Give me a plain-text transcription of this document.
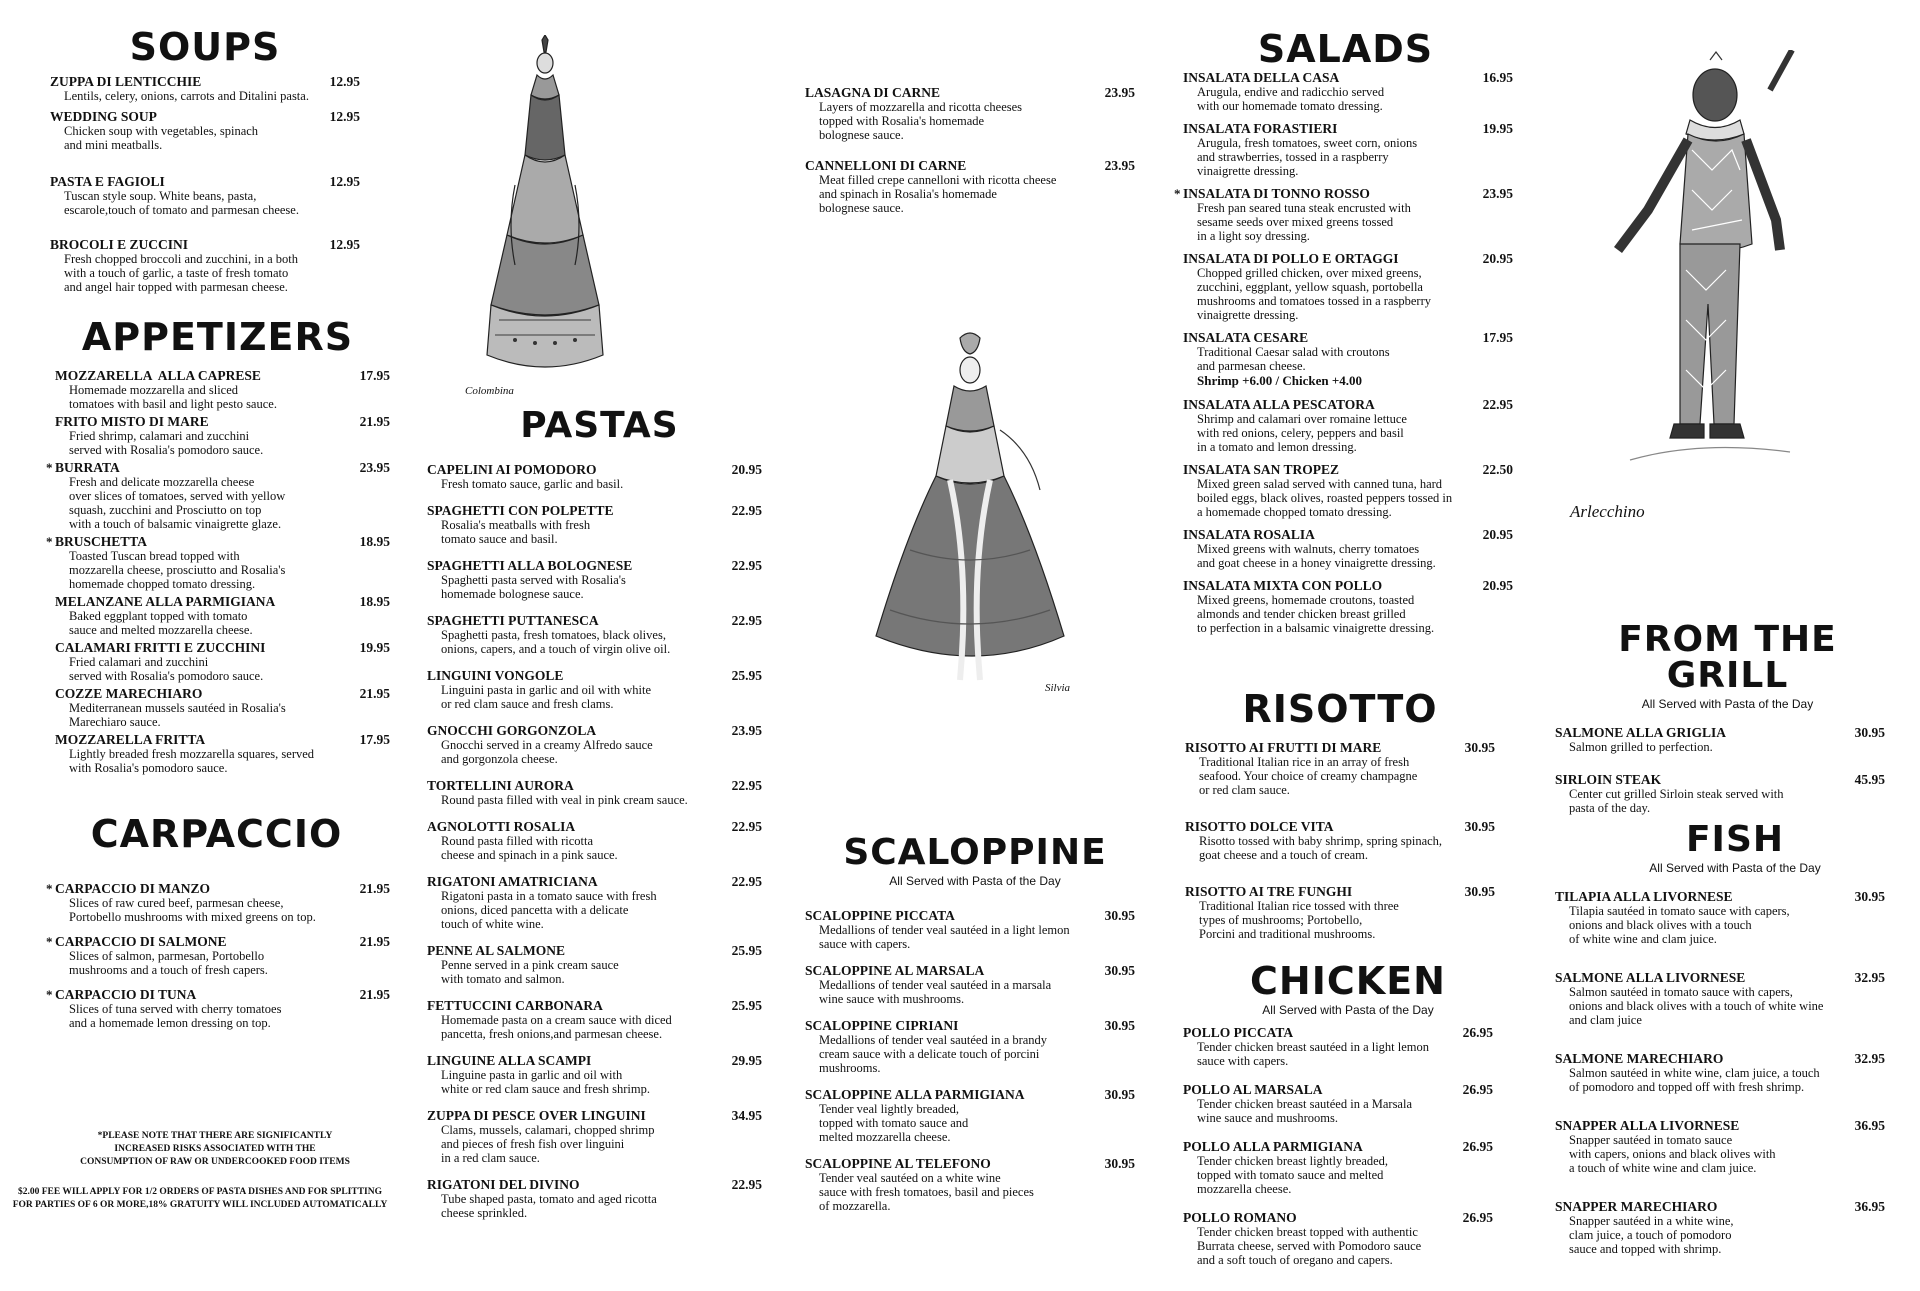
SOUPS
ZUPPA DI LENTICCHIE	12.95
Lentils, celery, onions, carrots and Ditalini pasta.
WEDDING SOUP	12.95
Chicken soup with vegetables, spinach
and mini meatballs.
PASTA E FAGIOLI	12.95
Tuscan style soup. White beans, pasta,
escarole,touch of tomato and parmesan cheese.
BROCOLI E ZUCCINI	12.95
Fresh chopped broccoli and zucchini, in a both
with a touch of garlic, a taste of fresh tomato
and angel hair topped with parmesan cheese.
APPETIZERS
MOZZARELLA  ALLA CAPRESE	17.95
Homemade mozzarella and sliced
tomatoes with basil and light pesto sauce.
FRITO MISTO DI MARE	21.95
Fried shrimp, calamari and zucchini
served with Rosalia's pomodoro sauce.
* BURRATA	23.95
Fresh and delicate mozzarella cheese
over slices of tomatoes, served with yellow
squash, zucchini and Prosciutto on top
with a touch of balsamic vinaigrette glaze.
* BRUSCHETTA	18.95
Toasted Tuscan bread topped with
mozzarella cheese, prosciutto and Rosalia's
homemade chopped tomato dressing.
MELANZANE ALLA PARMIGIANA	18.95
Baked eggplant topped with tomato
sauce and melted mozzarella cheese.
CALAMARI FRITTI E ZUCCHINI	19.95
Fried calamari and zucchini
served with Rosalia's pomodoro sauce.
COZZE MARECHIARO	21.95
Mediterranean mussels sautéed in Rosalia's
Marechiaro sauce.
MOZZARELLA FRITTA	17.95
Lightly breaded fresh mozzarella squares, served
with Rosalia's pomodoro sauce.
CARPACCIO
* CARPACCIO DI MANZO	21.95
Slices of raw cured beef, parmesan cheese,
Portobello mushrooms with mixed greens on top.
* CARPACCIO DI SALMONE	21.95
Slices of salmon, parmesan, Portobello
mushrooms and a touch of fresh capers.
* CARPACCIO DI TUNA	21.95
Slices of tuna served with cherry tomatoes
and a homemade lemon dressing on top.
*PLEASE NOTE THAT THERE ARE SIGNIFICANTLY
INCREASED RISKS ASSOCIATED WITH THE
CONSUMPTION OF RAW OR UNDERCOOKED FOOD ITEMS
$2.00 FEE WILL APPLY FOR 1/2 ORDERS OF PASTA DISHES AND FOR SPLITTING
FOR PARTIES OF 6 OR MORE,18% GRATUITY WILL INCLUDED AUTOMATICALLY
Colombina
PASTAS
CAPELINI AI POMODORO	20.95
Fresh tomato sauce, garlic and basil.
SPAGHETTI CON POLPETTE	22.95
Rosalia's meatballs with fresh
tomato sauce and basil.
SPAGHETTI ALLA BOLOGNESE	22.95
Spaghetti pasta served with Rosalia's
homemade bolognese sauce.
SPAGHETTI PUTTANESCA	22.95
Spaghetti pasta, fresh tomatoes, black olives,
onions, capers, and a touch of virgin olive oil.
LINGUINI VONGOLE	25.95
Linguini pasta in garlic and oil with white
or red clam sauce and fresh clams.
GNOCCHI GORGONZOLA	23.95
Gnocchi served in a creamy Alfredo sauce
and gorgonzola cheese.
TORTELLINI AURORA	22.95
Round pasta filled with veal in pink cream sauce.
AGNOLOTTI ROSALIA	22.95
Round pasta filled with ricotta
cheese and spinach in a pink sauce.
RIGATONI AMATRICIANA	22.95
Rigatoni pasta in a tomato sauce with fresh
onions, diced pancetta with a delicate
touch of white wine.
PENNE AL SALMONE	25.95
Penne served in a pink cream sauce
with tomato and salmon.
FETTUCCINI CARBONARA	25.95
Homemade pasta on a cream sauce with diced
pancetta, fresh onions,and parmesan cheese.
LINGUINE ALLA SCAMPI	29.95
Linguine pasta in garlic and oil with
white or red clam sauce and fresh shrimp.
ZUPPA DI PESCE OVER LINGUINI	34.95
Clams, mussels, calamari, chopped shrimp
and pieces of fresh fish over linguini
in a red clam sauce.
RIGATONI DEL DIVINO	22.95
Tube shaped pasta, tomato and aged ricotta
cheese sprinkled.
LASAGNA DI CARNE	23.95
Layers of mozzarella and ricotta cheeses
topped with Rosalia's homemade
bolognese sauce.
CANNELLONI DI CARNE	23.95
Meat filled crepe cannelloni with ricotta cheese
and spinach in Rosalia's homemade
bolognese sauce.
Silvia
SCALOPPINE
All Served with Pasta of the Day
SCALOPPINE PICCATA	30.95
Medallions of tender veal sautéed in a light lemon
sauce with capers.
SCALOPPINE AL MARSALA	30.95
Medallions of tender veal sautéed in a marsala
wine sauce with mushrooms.
SCALOPPINE CIPRIANI	30.95
Medallions of tender veal sautéed in a brandy
cream sauce with a delicate touch of porcini
mushrooms.
SCALOPPINE ALLA PARMIGIANA	30.95
Tender veal lightly breaded,
topped with tomato sauce and
melted mozzarella cheese.
SCALOPPINE AL TELEFONO	30.95
Tender veal sautéed on a white wine
sauce with fresh tomatoes, basil and pieces
of mozzarella.
SALADS
INSALATA DELLA CASA	16.95
Arugula, endive and radicchio served
with our homemade tomato dressing.
INSALATA FORASTIERI	19.95
Arugula, fresh tomatoes, sweet corn, onions
and strawberries, tossed in a raspberry
vinaigrette dressing.
* INSALATA DI TONNO ROSSO	23.95
Fresh pan seared tuna steak encrusted with
sesame seeds over mixed greens tossed
in a light soy dressing.
INSALATA DI POLLO E ORTAGGI	20.95
Chopped grilled chicken, over mixed greens,
zucchini, eggplant, yellow squash, portobella
mushrooms and tomatoes tossed in a raspberry
vinaigrette dressing.
INSALATA CESARE	17.95
Traditional Caesar salad with croutons
and parmesan cheese.
Shrimp +6.00 / Chicken +4.00
INSALATA ALLA PESCATORA	22.95
Shrimp and calamari over romaine lettuce
with red onions, celery, peppers and basil
in a tomato and lemon dressing.
INSALATA SAN TROPEZ	22.50
Mixed green salad served with canned tuna, hard
boiled eggs, black olives, roasted peppers tossed in
a homemade chopped tomato dressing.
INSALATA ROSALIA	20.95
Mixed greens with walnuts, cherry tomatoes
and goat cheese in a honey vinaigrette dressing.
INSALATA MIXTA CON POLLO	20.95
Mixed greens, homemade croutons, toasted
almonds and tender chicken breast grilled
to perfection in a balsamic vinaigrette dressing.
RISOTTO
RISOTTO AI FRUTTI DI MARE	30.95
Traditional Italian rice in an array of fresh
seafood. Your choice of creamy champagne
or red clam sauce.
RISOTTO DOLCE VITA	30.95
Risotto tossed with baby shrimp, spring spinach,
goat cheese and a touch of cream.
RISOTTO AI TRE FUNGHI	30.95
Traditional Italian rice tossed with three
types of mushrooms; Portobello,
Porcini and traditional mushrooms.
CHICKEN
All Served with Pasta of the Day
POLLO PICCATA	26.95
Tender chicken breast sautéed in a light lemon
sauce with capers.
POLLO AL MARSALA	26.95
Tender chicken breast sautéed in a Marsala
wine sauce and mushrooms.
POLLO ALLA PARMIGIANA	26.95
Tender chicken breast lightly breaded,
topped with tomato sauce and melted
mozzarella cheese.
POLLO ROMANO	26.95
Tender chicken breast topped with authentic
Burrata cheese, served with Pomodoro sauce
and a soft touch of oregano and capers.
Arlecchino
FROM THE GRILL
All Served with Pasta of the Day
SALMONE ALLA GRIGLIA	30.95
Salmon grilled to perfection.
SIRLOIN STEAK	45.95
Center cut grilled Sirloin steak served with
pasta of the day.
FISH
All Served with Pasta of the Day
TILAPIA ALLA LIVORNESE	30.95
Tilapia sautéed in tomato sauce with capers,
onions and black olives with a touch
of white wine and clam juice.
SALMONE ALLA LIVORNESE	32.95
Salmon sautéed in tomato sauce with capers,
onions and black olives with a touch of white wine
and clam juice
SALMONE MARECHIARO	32.95
Salmon sautéed in white wine, clam juice, a touch
of pomodoro and topped off with fresh shrimp.
SNAPPER ALLA LIVORNESE	36.95
Snapper sautéed in tomato sauce
with capers, onions and black olives with
a touch of white wine and clam juice.
SNAPPER MARECHIARO	36.95
Snapper sautéed in a white wine,
clam juice, a touch of pomodoro
sauce and topped with shrimp.
